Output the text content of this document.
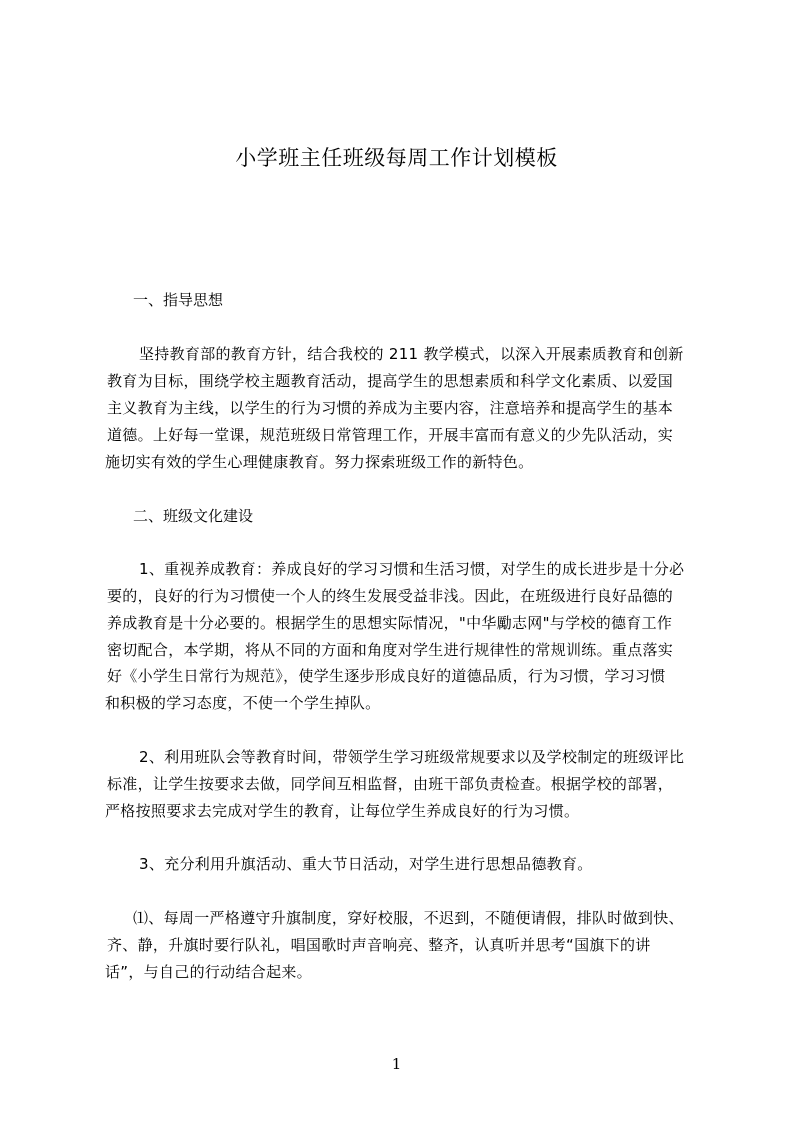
小学班主任班级每周工作计划模板
一、指导思想
坚持教育部的教育方针，结合我校的 211 教学模式，以深入开展素质教育和创新
教育为目标，围绕学校主题教育活动，提高学生的思想素质和科学文化素质、以爱国
主义教育为主线，以学生的行为习惯的养成为主要内容，注意培养和提高学生的基本
道德。上好每一堂课，规范班级日常管理工作，开展丰富而有意义的少先队活动，实
施切实有效的学生心理健康教育。努力探索班级工作的新特色。
二、班级文化建设
1、重视养成教育：养成良好的学习习惯和生活习惯，对学生的成长进步是十分必
要的，良好的行为习惯使一个人的终生发展受益非浅。因此，在班级进行良好品德的
养成教育是十分必要的。根据学生的思想实际情况，"中华勵志网"与学校的德育工作
密切配合，本学期，将从不同的方面和角度对学生进行规律性的常规训练。重点落实
好《小学生日常行为规范》，使学生逐步形成良好的道德品质，行为习惯，学习习惯
和积极的学习态度，不使一个学生掉队。
2、利用班队会等教育时间，带领学生学习班级常规要求以及学校制定的班级评比
标准，让学生按要求去做，同学间互相监督，由班干部负责检查。根据学校的部署，
严格按照要求去完成对学生的教育，让每位学生养成良好的行为习惯。
3、充分利用升旗活动、重大节日活动，对学生进行思想品德教育。
⑴、每周一严格遵守升旗制度，穿好校服，不迟到，不随便请假，排队时做到快、
齐、静，升旗时要行队礼，唱国歌时声音响亮、整齐，认真听并思考“国旗下的讲
话”，与自己的行动结合起来。
1
